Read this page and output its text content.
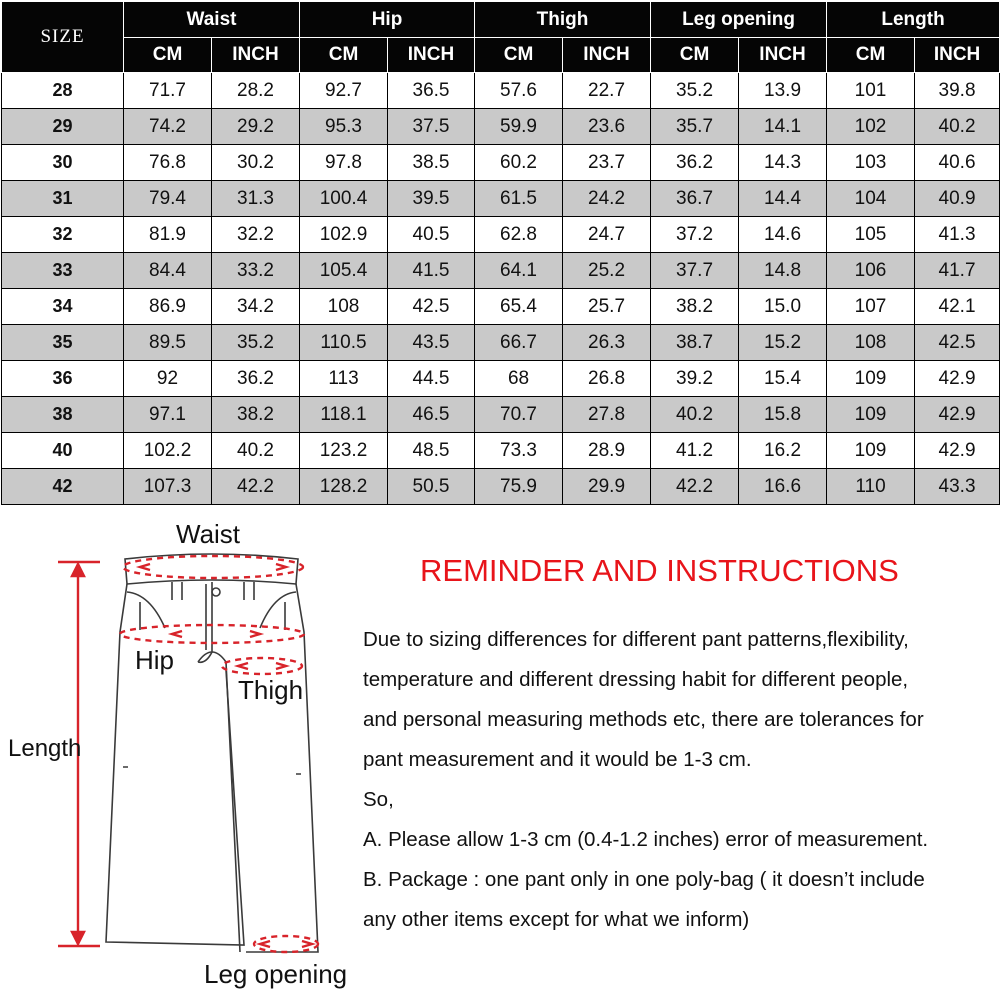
SIZE	Waist		Hip		Thigh		Leg opening		Length	
	CM	INCH	CM	INCH	CM	INCH	CM	INCH	CM	INCH
28	71.7	28.2	92.7	36.5	57.6	22.7	35.2	13.9	101	39.8
29	74.2	29.2	95.3	37.5	59.9	23.6	35.7	14.1	102	40.2
30	76.8	30.2	97.8	38.5	60.2	23.7	36.2	14.3	103	40.6
31	79.4	31.3	100.4	39.5	61.5	24.2	36.7	14.4	104	40.9
32	81.9	32.2	102.9	40.5	62.8	24.7	37.2	14.6	105	41.3
33	84.4	33.2	105.4	41.5	64.1	25.2	37.7	14.8	106	41.7
34	86.9	34.2	108	42.5	65.4	25.7	38.2	15.0	107	42.1
35	89.5	35.2	110.5	43.5	66.7	26.3	38.7	15.2	108	42.5
36	92	36.2	113	44.5	68	26.8	39.2	15.4	109	42.9
38	97.1	38.2	118.1	46.5	70.7	27.8	40.2	15.8	109	42.9
40	102.2	40.2	123.2	48.5	73.3	28.9	41.2	16.2	109	42.9
42	107.3	42.2	128.2	50.5	75.9	29.9	42.2	16.6	110	43.3
Waist
Hip
Thigh
Length
Leg opening
REMINDER AND INSTRUCTIONS

Due to sizing differences for different pant patterns,flexibility,

temperature and different dressing habit for different people,

and personal measuring methods etc, there are tolerances for

pant measurement and it would be 1-3 cm.

So,

A. Please allow 1-3 cm (0.4-1.2 inches) error of measurement.

B. Package : one pant only in one poly-bag ( it doesn’t include

any other items except for what we inform)
